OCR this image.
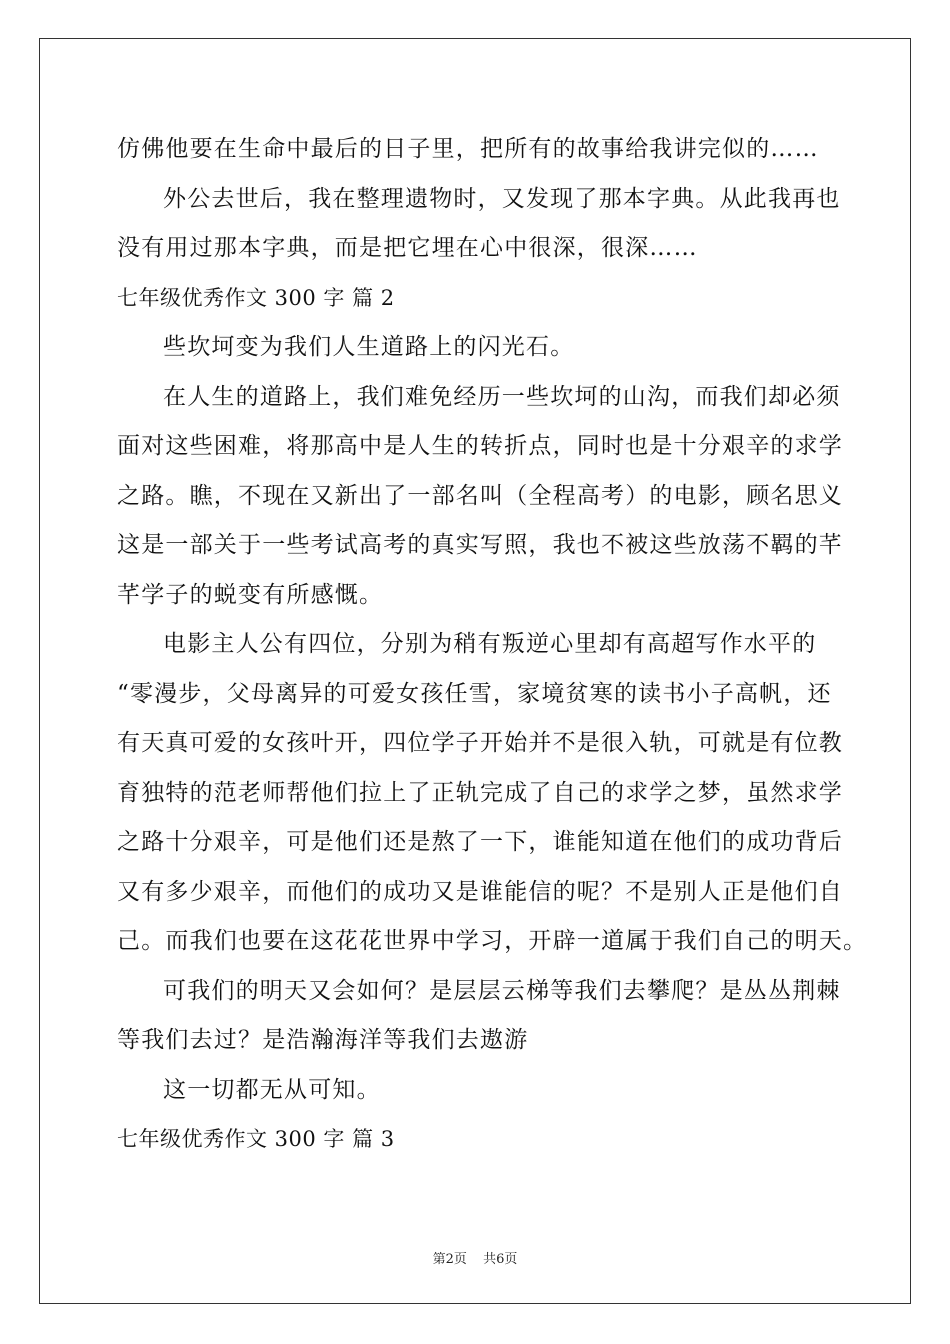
仿佛他要在生命中最后的日子里，把所有的故事给我讲完似的……
外公去世后，我在整理遗物时，又发现了那本字典。从此我再也
没有用过那本字典，而是把它埋在心中很深，很深……
七年级优秀作文 300 字 篇 2
些坎坷变为我们人生道路上的闪光石。
在人生的道路上，我们难免经历一些坎坷的山沟，而我们却必须
面对这些困难，将那高中是人生的转折点，同时也是十分艰辛的求学
之路。瞧，不现在又新出了一部名叫（全程高考）的电影，顾名思义
这是一部关于一些考试高考的真实写照，我也不被这些放荡不羁的芊
芊学子的蜕变有所感慨。
电影主人公有四位，分别为稍有叛逆心里却有高超写作水平的
“零漫步，父母离异的可爱女孩任雪，家境贫寒的读书小子高帆，还
有天真可爱的女孩叶开，四位学子开始并不是很入轨，可就是有位教
育独特的范老师帮他们拉上了正轨完成了自己的求学之梦，虽然求学
之路十分艰辛，可是他们还是熬了一下，谁能知道在他们的成功背后
又有多少艰辛，而他们的成功又是谁能信的呢？不是别人正是他们自
己。而我们也要在这花花世界中学习，开辟一道属于我们自己的明天。
可我们的明天又会如何？是层层云梯等我们去攀爬？是丛丛荆棘
等我们去过？是浩瀚海洋等我们去遨游
这一切都无从可知。
七年级优秀作文 300 字 篇 3
第2页 共6页
